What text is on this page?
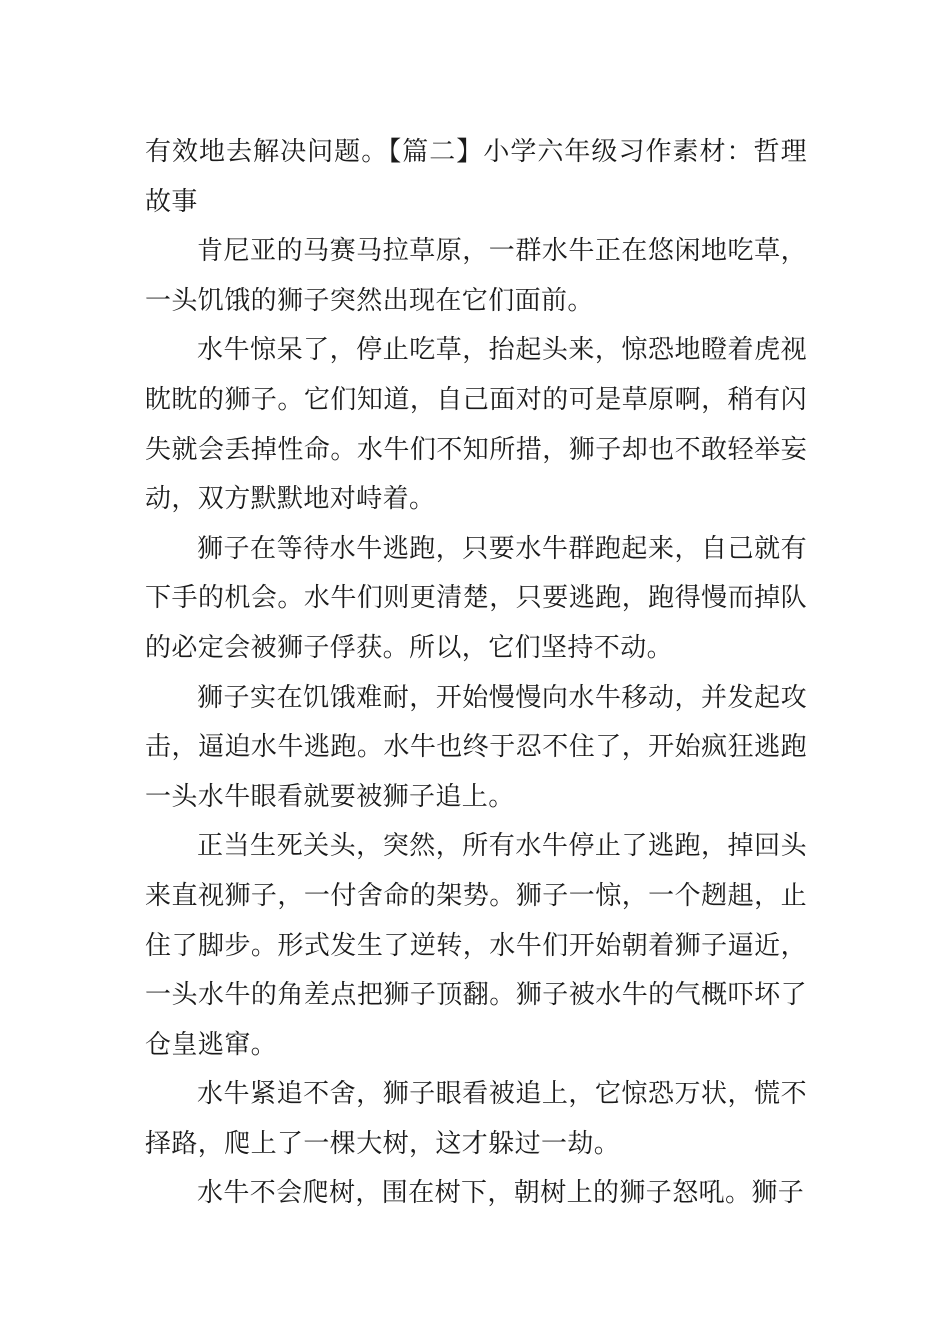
有效地去解决问题。【篇二】小学六年级习作素材：哲理故事

肯尼亚的马赛马拉草原，一群水牛正在悠闲地吃草，一头饥饿的狮子突然出现在它们面前。

水牛惊呆了，停止吃草，抬起头来，惊恐地瞪着虎视眈眈的狮子。它们知道，自己面对的可是草原啊，稍有闪失就会丢掉性命。水牛们不知所措，狮子却也不敢轻举妄动，双方默默地对峙着。

狮子在等待水牛逃跑，只要水牛群跑起来，自己就有下手的机会。水牛们则更清楚，只要逃跑，跑得慢而掉队的必定会被狮子俘获。所以，它们坚持不动。

狮子实在饥饿难耐，开始慢慢向水牛移动，并发起攻击，逼迫水牛逃跑。水牛也终于忍不住了，开始疯狂逃跑一头水牛眼看就要被狮子追上。

正当生死关头，突然，所有水牛停止了逃跑，掉回头来直视狮子，一付舍命的架势。狮子一惊，一个趔趄，止住了脚步。形式发生了逆转，水牛们开始朝着狮子逼近，一头水牛的角差点把狮子顶翻。狮子被水牛的气概吓坏了仓皇逃窜。

水牛紧追不舍，狮子眼看被追上，它惊恐万状，慌不择路，爬上了一棵大树，这才躲过一劫。

水牛不会爬树，围在树下，朝树上的狮子怒吼。狮子
